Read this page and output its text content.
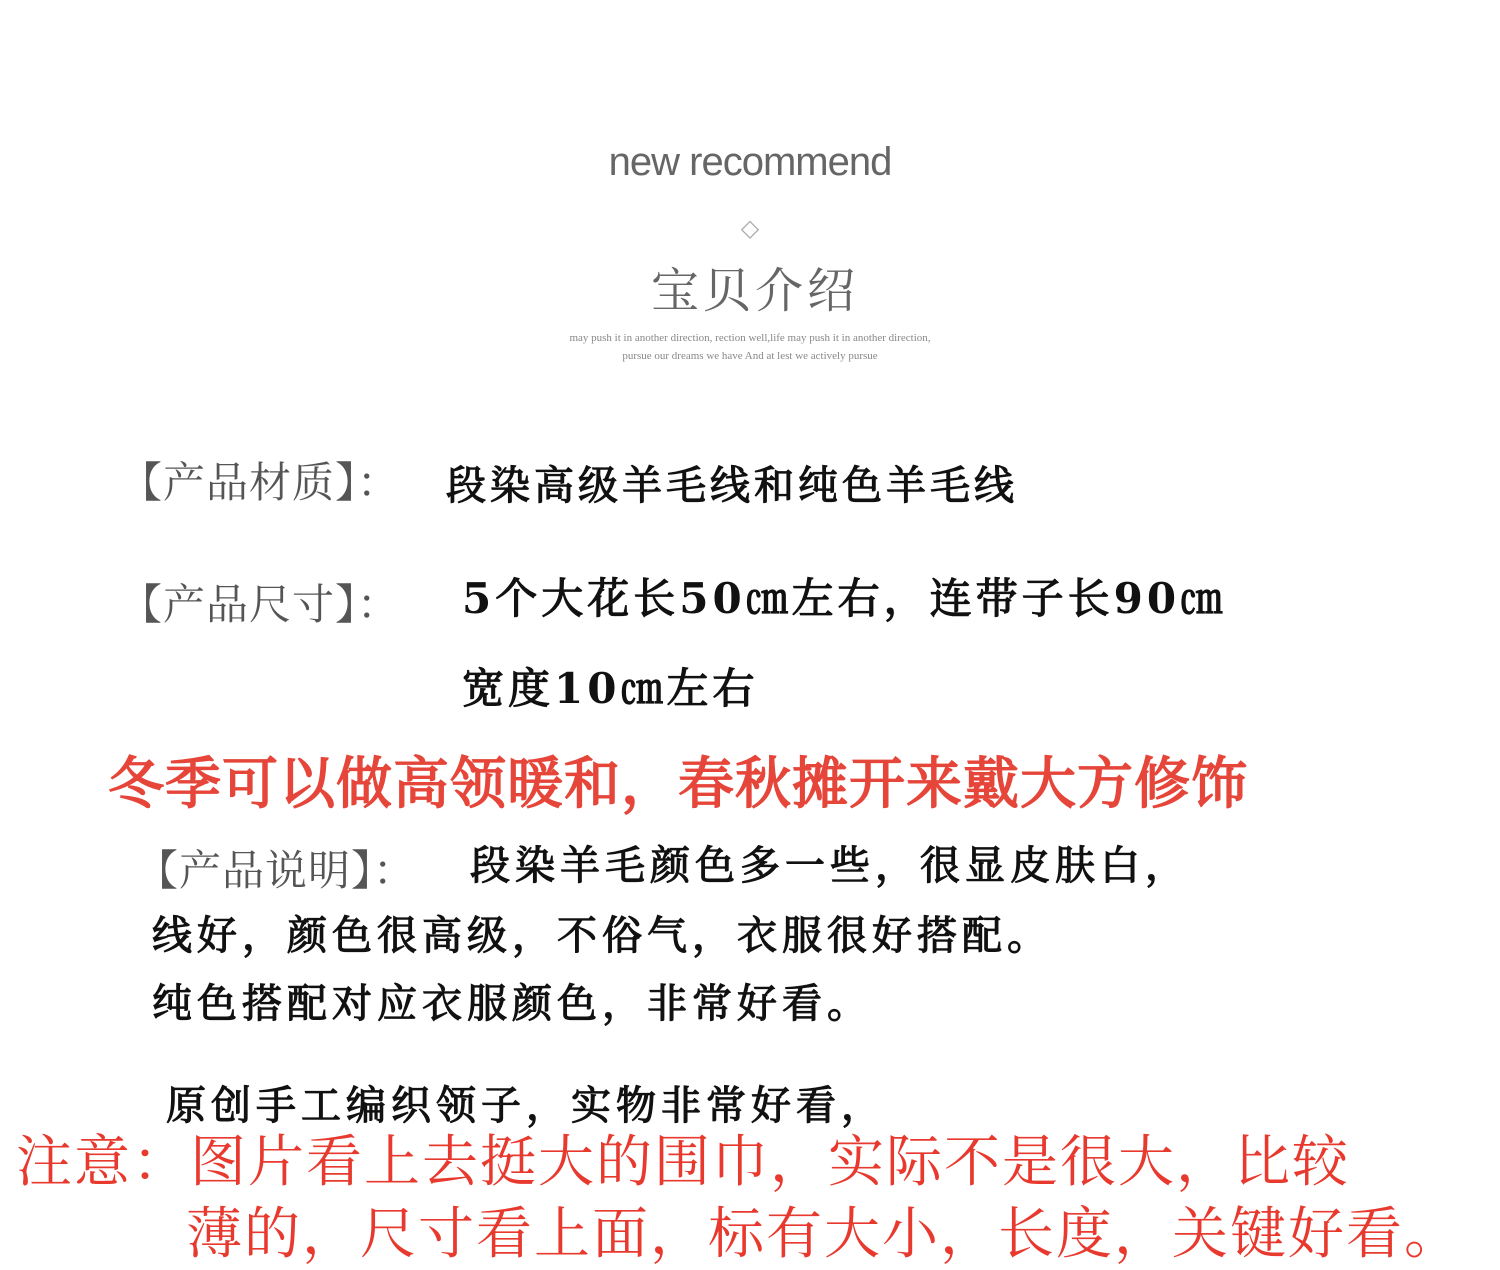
new recommend
◇
宝贝介绍
may push it in another direction, rection well,life may push it in another direction,
pursue our dreams we have And at lest we actively pursue
【产品材质】： 段染高级羊毛线和纯色羊毛线
【产品尺寸】： 5个大花长50㎝左右，连带子长90㎝
宽度10㎝左右
冬季可以做高领暖和，春秋摊开来戴大方修饰
【产品说明】： 段染羊毛颜色多一些，很显皮肤白，
线好，颜色很高级，不俗气，衣服很好搭配。
纯色搭配对应衣服颜色，非常好看。
原创手工编织领子，实物非常好看，
注意：图片看上去挺大的围巾，实际不是很大，比较
薄的，尺寸看上面，标有大小，长度，关键好看。
